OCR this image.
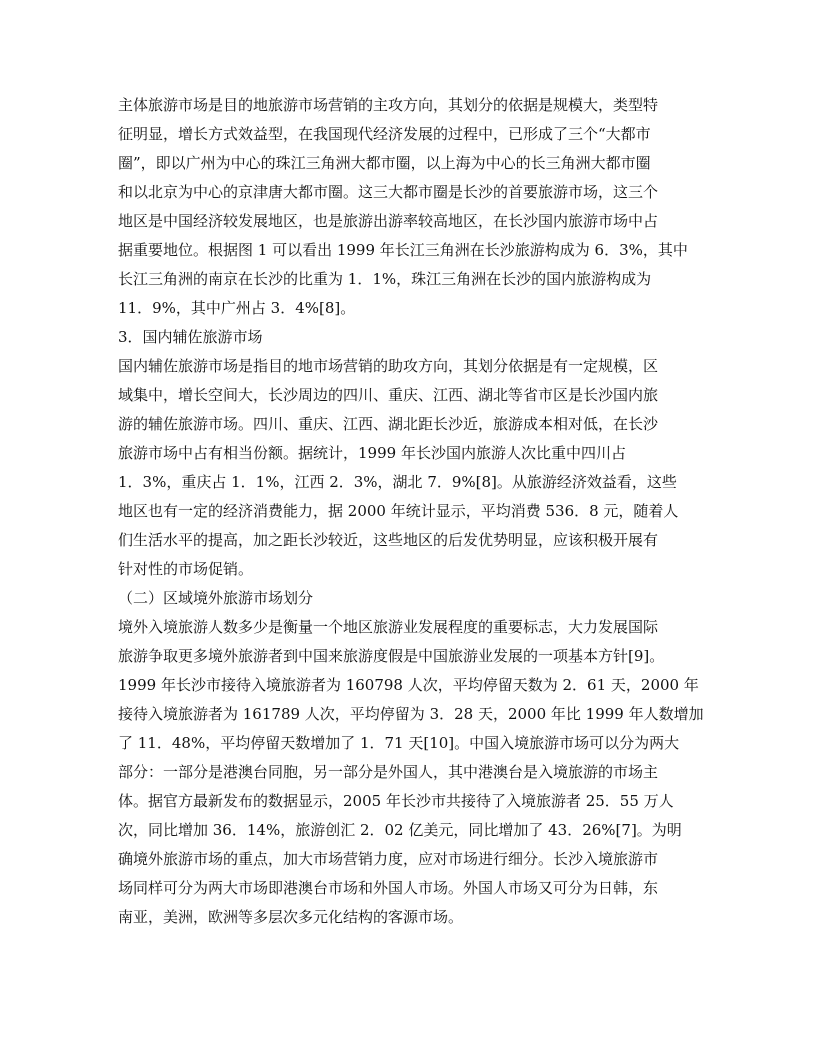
主体旅游市场是目的地旅游市场营销的主攻方向，其划分的依据是规模大，类型特
征明显，增长方式效益型，在我国现代经济发展的过程中，已形成了三个“大都市
圈”，即以广州为中心的珠江三角洲大都市圈，以上海为中心的长三角洲大都市圈
和以北京为中心的京津唐大都市圈。这三大都市圈是长沙的首要旅游市场，这三个
地区是中国经济较发展地区，也是旅游出游率较高地区，在长沙国内旅游市场中占
据重要地位。根据图 1 可以看出 1999 年长江三角洲在长沙旅游构成为 6．3%，其中
长江三角洲的南京在长沙的比重为 1．1%，珠江三角洲在长沙的国内旅游构成为
11．9%，其中广州占 3．4%[8]。
3．国内辅佐旅游市场
国内辅佐旅游市场是指目的地市场营销的助攻方向，其划分依据是有一定规模，区
域集中，增长空间大，长沙周边的四川、重庆、江西、湖北等省市区是长沙国内旅
游的辅佐旅游市场。四川、重庆、江西、湖北距长沙近，旅游成本相对低，在长沙
旅游市场中占有相当份额。据统计，1999 年长沙国内旅游人次比重中四川占
1．3%，重庆占 1．1%，江西 2．3%，湖北 7．9%[8]。从旅游经济效益看，这些
地区也有一定的经济消费能力，据 2000 年统计显示，平均消费 536．8 元，随着人
们生活水平的提高，加之距长沙较近，这些地区的后发优势明显，应该积极开展有
针对性的市场促销。
（二）区域境外旅游市场划分
境外入境旅游人数多少是衡量一个地区旅游业发展程度的重要标志，大力发展国际
旅游争取更多境外旅游者到中国来旅游度假是中国旅游业发展的一项基本方针[9]。
1999 年长沙市接待入境旅游者为 160798 人次，平均停留天数为 2．61 天，2000 年
接待入境旅游者为 161789 人次，平均停留为 3．28 天，2000 年比 1999 年人数增加
了 11．48%，平均停留天数增加了 1．71 天[10]。中国入境旅游市场可以分为两大
部分：一部分是港澳台同胞，另一部分是外国人，其中港澳台是入境旅游的市场主
体。据官方最新发布的数据显示，2005 年长沙市共接待了入境旅游者 25．55 万人
次，同比增加 36．14%，旅游创汇 2．02 亿美元，同比增加了 43．26%[7]。为明
确境外旅游市场的重点，加大市场营销力度，应对市场进行细分。长沙入境旅游市
场同样可分为两大市场即港澳台市场和外国人市场。外国人市场又可分为日韩，东
南亚，美洲，欧洲等多层次多元化结构的客源市场。
